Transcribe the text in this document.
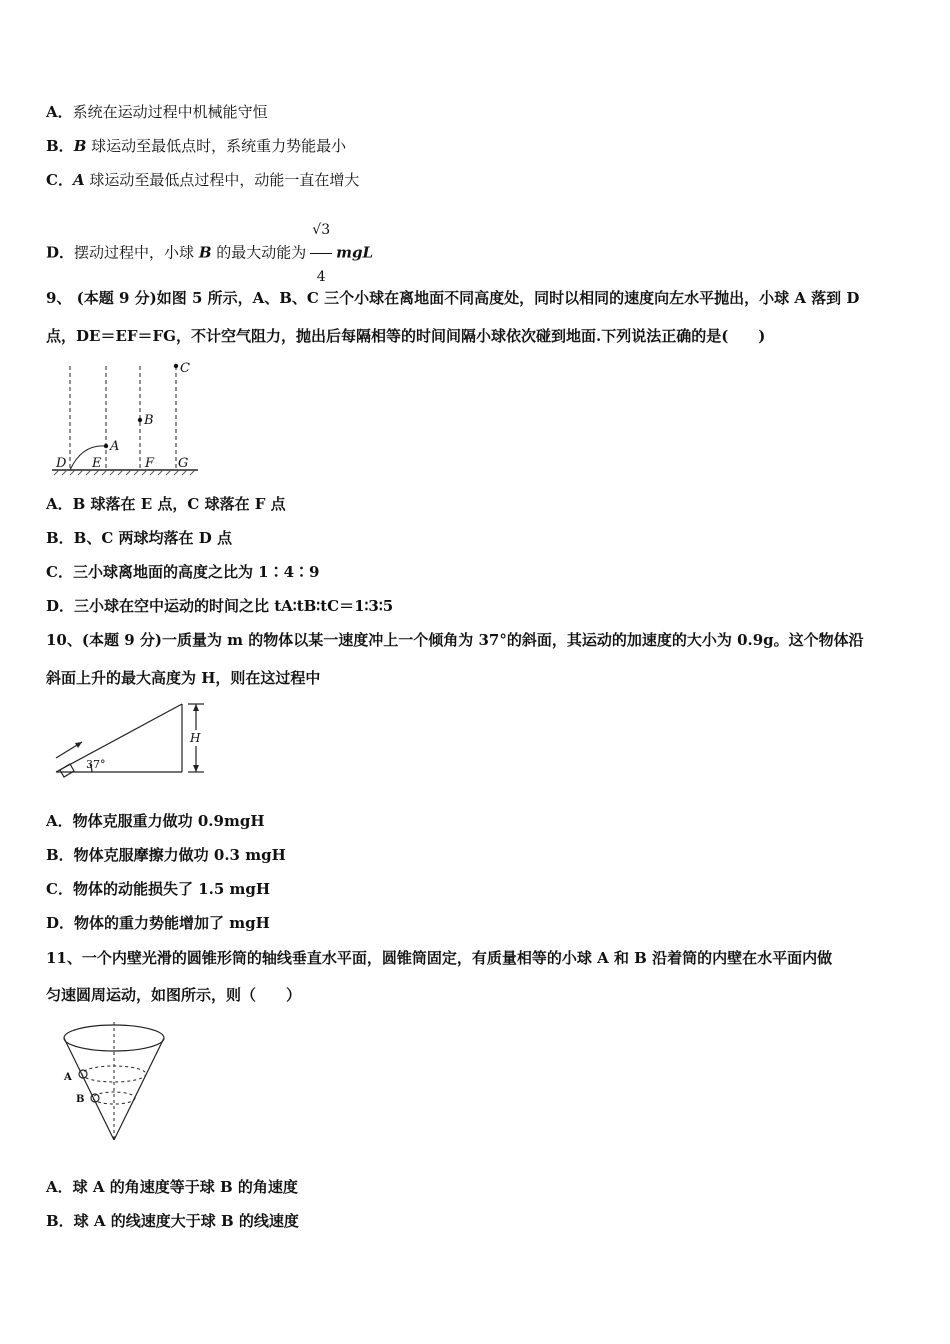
A．系统在运动过程中机械能守恒
B．B 球运动至最低点时，系统重力势能最小
C．A 球运动至最低点过程中，动能一直在增大
D．摆动过程中，小球 B 的最大动能为 $\frac{√3}{4}$ mgL
9、 (本题 9 分)如图 5 所示，A、B、C 三个小球在离地面不同高度处，同时以相同的速度向左水平抛出，小球 A 落到 D
点，DE＝EF＝FG，不计空气阻力，抛出后每隔相等的时间间隔小球依次碰到地面.下列说法正确的是(　　)
A
B
C
D E	F G
A．B 球落在 E 点，C 球落在 F 点
B．B、C 两球均落在 D 点
C．三小球离地面的高度之比为 1∶4∶9
D．三小球在空中运动的时间之比 tA∶tB∶tC＝1∶3∶5
10、(本题 9 分)一质量为 m 的物体以某一速度冲上一个倾角为 37°的斜面，其运动的加速度的大小为 0.9g。这个物体沿
斜面上升的最大高度为 H，则在这过程中
37°
H
A．物体克服重力做功 0.9mgH
B．物体克服摩擦力做功 0.3 mgH
C．物体的动能损失了 1.5 mgH
D．物体的重力势能增加了 mgH
11、一个内壁光滑的圆锥形筒的轴线垂直水平面，圆锥筒固定，有质量相等的小球 A 和 B 沿着筒的内壁在水平面内做
匀速圆周运动，如图所示，则（　　）
A
B
A．球 A 的角速度等于球 B 的角速度
B．球 A 的线速度大于球 B 的线速度
